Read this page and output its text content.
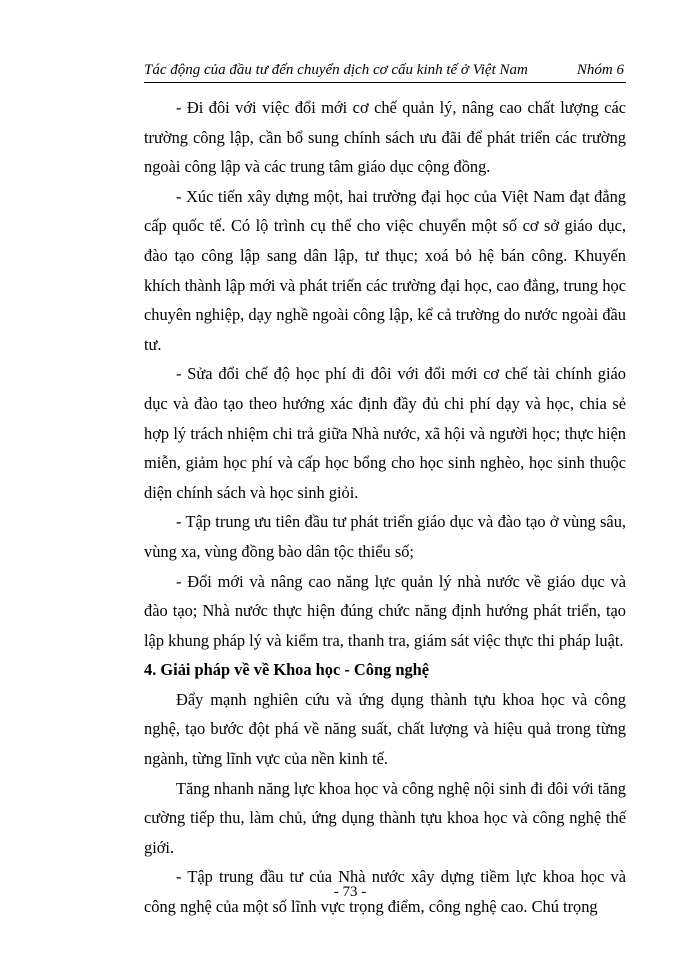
Tác động của đầu tư đến chuyển dịch cơ cấu kinh tế ở Việt Nam	Nhóm 6

- Đi đôi với việc đổi mới cơ chế quản lý, nâng cao chất lượng các trường công lập, cần bổ sung chính sách ưu đãi để phát triển các trường ngoài công lập và các trung tâm giáo dục cộng đồng.

- Xúc tiến xây dựng một, hai trường đại học của Việt Nam đạt đẳng cấp quốc tế. Có lộ trình cụ thể cho việc chuyển một số cơ sở giáo dục, đào tạo công lập sang dân lập, tư thục; xoá bỏ hệ bán công. Khuyến khích thành lập mới và phát triển các trường đại học, cao đẳng, trung học chuyên nghiệp, dạy nghề ngoài công lập, kể cả trường do nước ngoài đầu tư.

- Sửa đổi chế độ học phí đi đôi với đổi mới cơ chế tài chính giáo dục và đào tạo theo hướng xác định đầy đủ chi phí dạy và học, chia sẻ hợp lý trách nhiệm chi trả giữa Nhà nước, xã hội và người học; thực hiện miễn, giảm học phí và cấp học bổng cho học sinh nghèo, học sinh thuộc diện chính sách và học sinh giỏi.

- Tập trung ưu tiên đầu tư phát triển giáo dục và đào tạo ở vùng sâu, vùng xa, vùng đồng bào dân tộc thiểu số;

- Đổi mới và nâng cao năng lực quản lý nhà nước về giáo dục và đào tạo; Nhà nước thực hiện đúng chức năng định hướng phát triển, tạo lập khung pháp lý và kiểm tra, thanh tra, giám sát việc thực thi pháp luật.

4. Giải pháp về về Khoa học - Công nghệ

Đẩy mạnh nghiên cứu và ứng dụng thành tựu khoa học và công nghệ, tạo bước đột phá về năng suất, chất lượng và hiệu quả trong từng ngành, từng lĩnh vực của nền kinh tế.

Tăng nhanh năng lực khoa học và công nghệ nội sinh đi đôi với tăng cường tiếp thu, làm chủ, ứng dụng thành tựu khoa học và công nghệ thế giới.

- Tập trung đầu tư của Nhà nước xây dựng tiềm lực khoa học và công nghệ của một số lĩnh vực trọng điểm, công nghệ cao. Chú trọng

- 73 -
